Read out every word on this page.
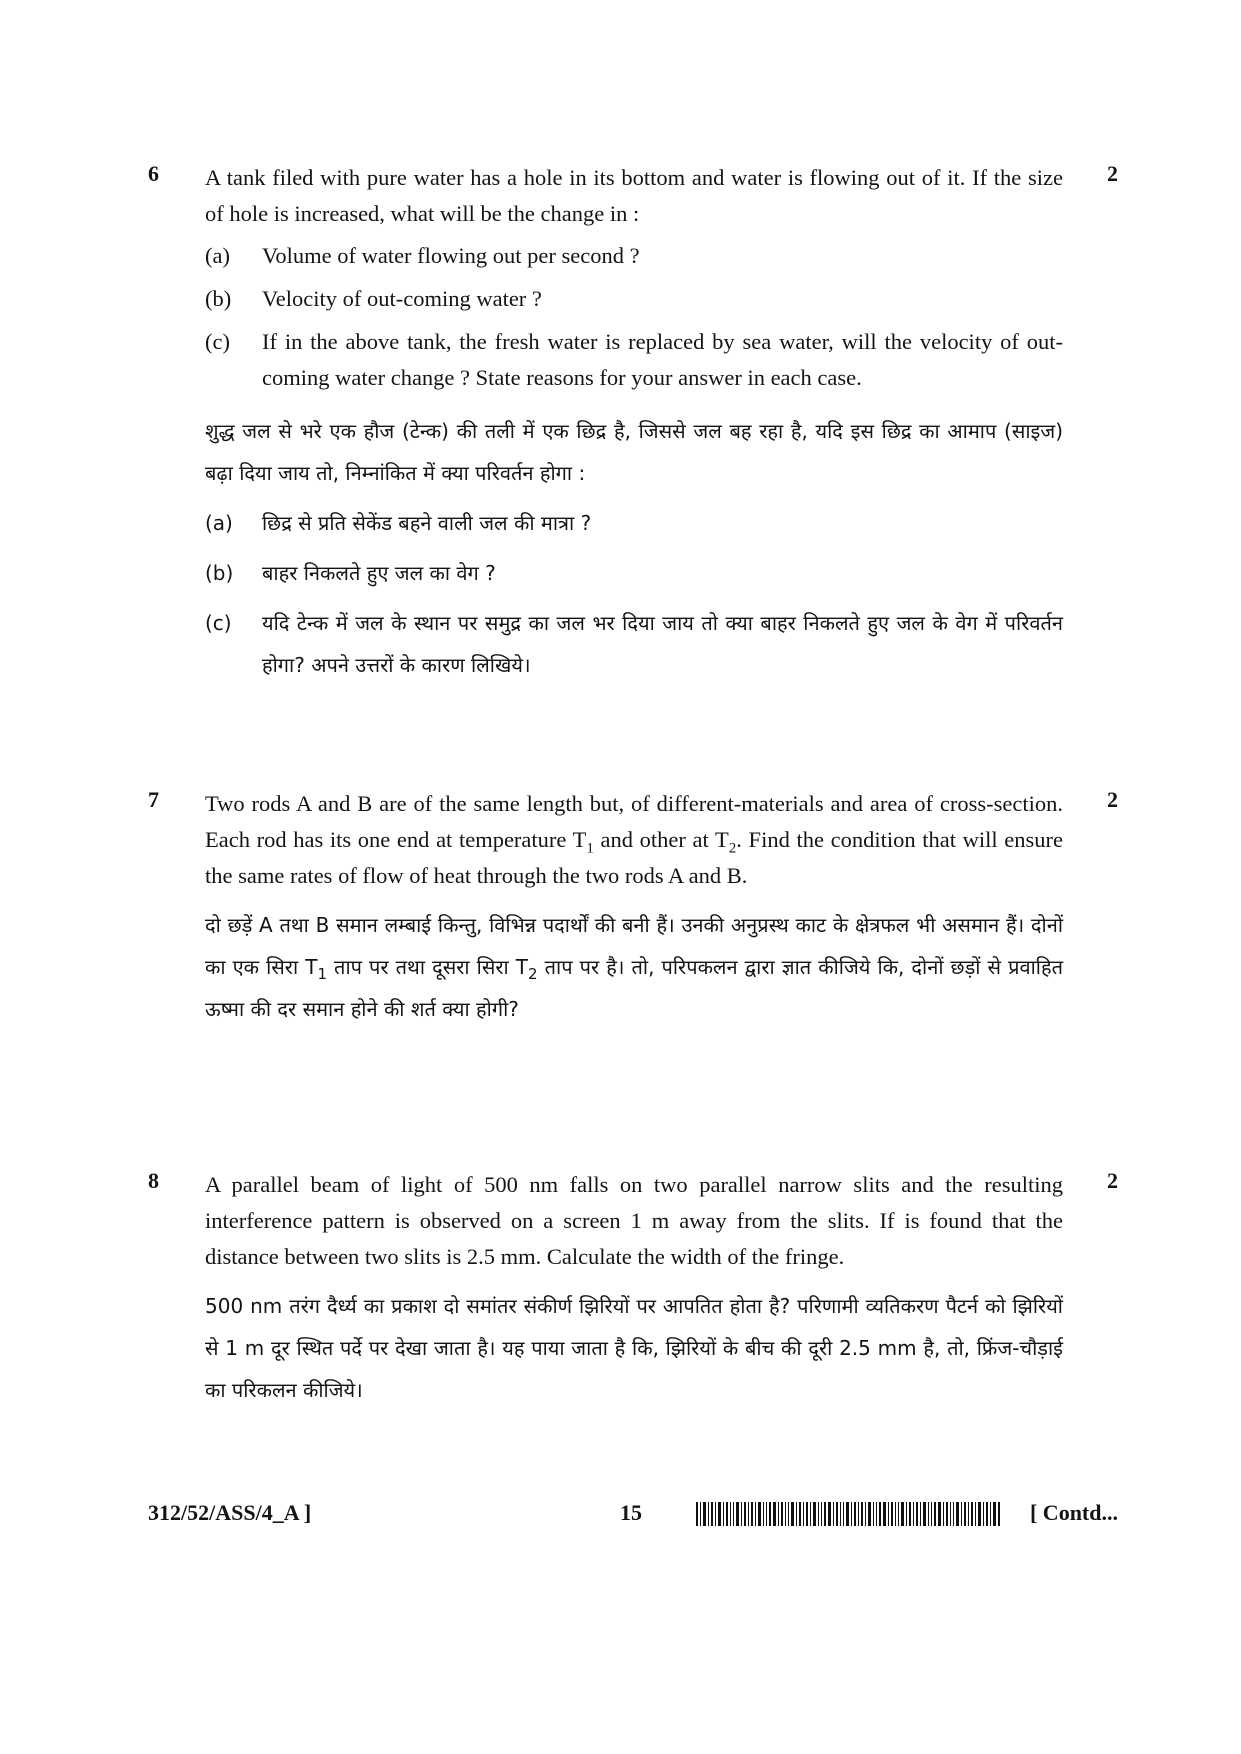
6	2

A tank filed with pure water has a hole in its bottom and water is flowing out of it. If the size of hole is increased, what will be the change in :

(a) Volume of water flowing out per second ?

(b) Velocity of out-coming water ?

(c) If in the above tank, the fresh water is replaced by sea water, will the velocity of out-coming water change ? State reasons for your answer in each case.

शुद्ध जल से भरे एक हौज (टेन्क) की तली में एक छिद्र है, जिससे जल बह रहा है, यदि इस छिद्र का आमाप (साइज) बढ़ा दिया जाय तो, निम्नांकित में क्या परिवर्तन होगा :

(a) छिद्र से प्रति सेकेंड बहने वाली जल की मात्रा ?

(b) बाहर निकलते हुए जल का वेग ?

(c) यदि टेन्क में जल के स्थान पर समुद्र का जल भर दिया जाय तो क्या बाहर निकलते हुए जल के वेग में परिवर्तन होगा? अपने उत्तरों के कारण लिखिये।

7	2

Two rods A and B are of the same length but, of different-materials and area of cross-section. Each rod has its one end at temperature $T_1$ and other at $T_2$. Find the condition that will ensure the same rates of flow of heat through the two rods A and B.

दो छड़ें A तथा B समान लम्बाई किन्तु, विभिन्न पदार्थों की बनी हैं। उनकी अनुप्रस्थ काट के क्षेत्रफल भी असमान हैं। दोनों का एक सिरा $T_1$ ताप पर तथा दूसरा सिरा $T_2$ ताप पर है। तो, परिपकलन द्वारा ज्ञात कीजिये कि, दोनों छड़ों से प्रवाहित ऊष्मा की दर समान होने की शर्त क्या होगी?

8	2

A parallel beam of light of 500 nm falls on two parallel narrow slits and the resulting interference pattern is observed on a screen 1 m away from the slits. If is found that the distance between two slits is 2.5 mm. Calculate the width of the fringe.

500 nm तरंग दैर्ध्य का प्रकाश दो समांतर संकीर्ण झिरियों पर आपतित होता है? परिणामी व्यतिकरण पैटर्न को झिरियों से 1 m दूर स्थित पर्दे पर देखा जाता है। यह पाया जाता है कि, झिरियों के बीच की दूरी 2.5 mm है, तो, फ्रिंज-चौड़ाई का परिकलन कीजिये।

312/52/ASS/4_A ]	15	[ Contd...
